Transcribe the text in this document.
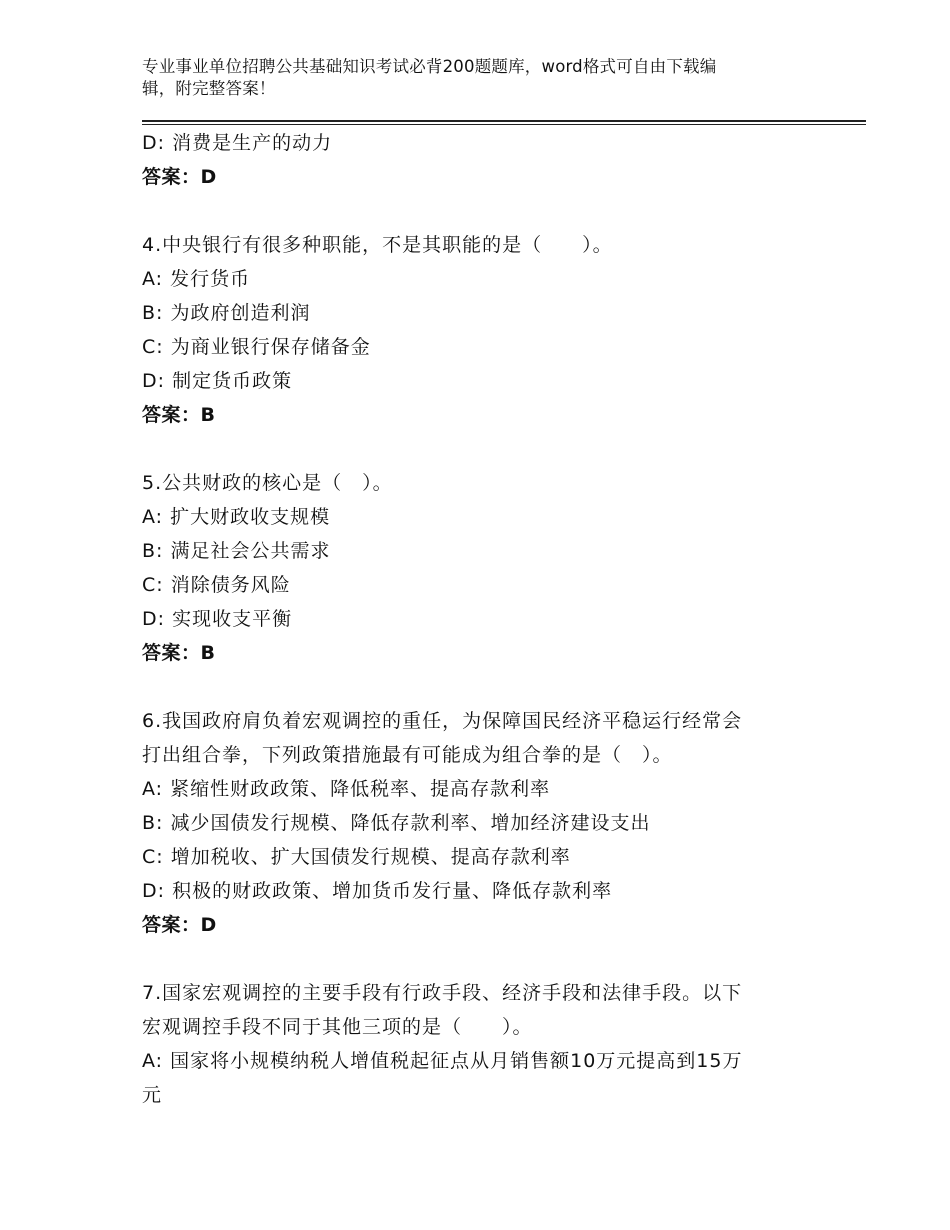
专业事业单位招聘公共基础知识考试必背200题题库，word格式可自由下载编
辑，附完整答案！
D: 消费是生产的动力
答案：D
4.中央银行有很多种职能，不是其职能的是（　　）。
A: 发行货币
B: 为政府创造利润
C: 为商业银行保存储备金
D: 制定货币政策
答案：B
5.公共财政的核心是（　）。
A: 扩大财政收支规模
B: 满足社会公共需求
C: 消除债务风险
D: 实现收支平衡
答案：B
6.我国政府肩负着宏观调控的重任，为保障国民经济平稳运行经常会
打出组合拳，下列政策措施最有可能成为组合拳的是（　）。
A: 紧缩性财政政策、降低税率、提高存款利率
B: 减少国债发行规模、降低存款利率、增加经济建设支出
C: 增加税收、扩大国债发行规模、提高存款利率
D: 积极的财政政策、增加货币发行量、降低存款利率
答案：D
7.国家宏观调控的主要手段有行政手段、经济手段和法律手段。以下
宏观调控手段不同于其他三项的是（　　）。
A: 国家将小规模纳税人增值税起征点从月销售额10万元提高到15万
元
